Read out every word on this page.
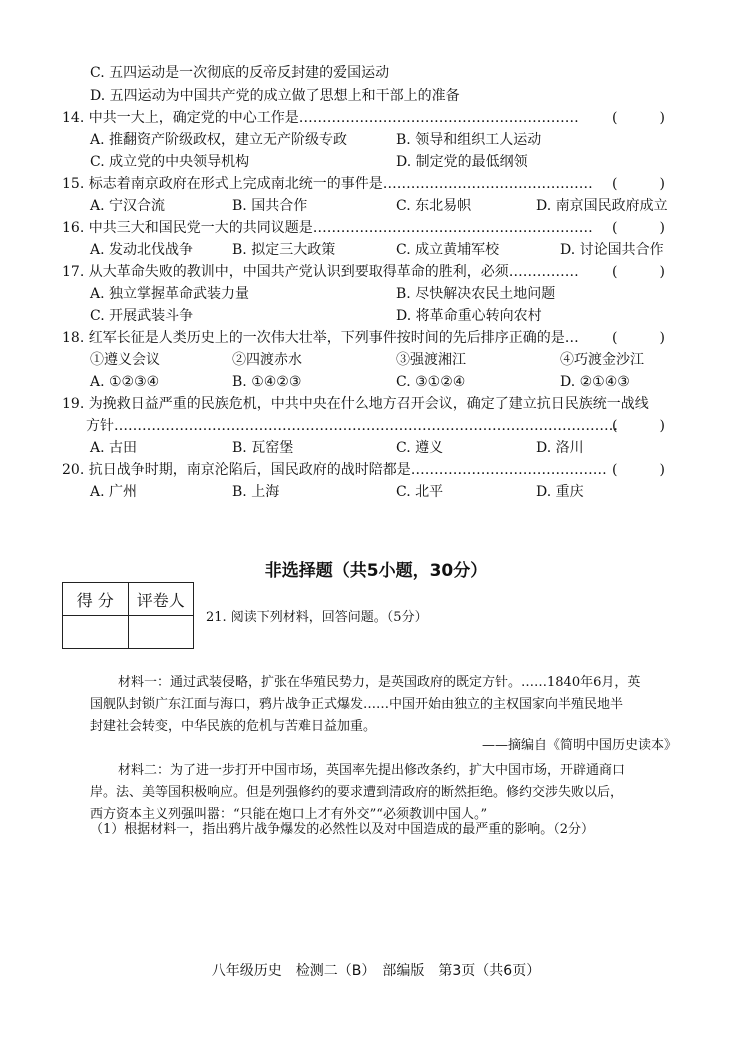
C. 五四运动是一次彻底的反帝反封建的爱国运动
D. 五四运动为中国共产党的成立做了思想上和干部上的准备
14. 中共一大上，确定党的中心工作是…………………………………………………… (　　　)
A. 推翻资产阶级政权，建立无产阶级专政	B. 领导和组织工人运动
C. 成立党的中央领导机构	D. 制定党的最低纲领
15. 标志着南京政府在形式上完成南北统一的事件是……………………………………… (　　　)
A. 宁汉合流	B. 国共合作	C. 东北易帜	D. 南京国民政府成立
16. 中共三大和国民党一大的共同议题是…………………………………………………… (　　　)
A. 发动北伐战争	B. 拟定三大政策	C. 成立黄埔军校	D. 讨论国共合作
17. 从大革命失败的教训中，中国共产党认识到要取得革命的胜利，必须…………… (　　　)
A. 独立掌握革命武装力量	B. 尽快解决农民土地问题
C. 开展武装斗争	D. 将革命重心转向农村
18. 红军长征是人类历史上的一次伟大壮举，下列事件按时间的先后排序正确的是… (　　　)
①遵义会议	②四渡赤水	③强渡湘江	④巧渡金沙江
A. ①②③④	B. ①④②③	C. ③①②④	D. ②①④③
19. 为挽救日益严重的民族危机，中共中央在什么地方召开会议，确定了建立抗日民族统一战线
方针………………………………………………………………………………………………
(　　　)
A. 古田	B. 瓦窑堡	C. 遵义	D. 洛川
20. 抗日战争时期，南京沦陷后，国民政府的战时陪都是…………………………………… (　　　)
A. 广州	B. 上海	C. 北平	D. 重庆
非选择题（共5小题，30分）
得 分	评卷人

21. 阅读下列材料，回答问题。（5分）
材料一：通过武装侵略，扩张在华殖民势力，是英国政府的既定方针。……1840年6月，英
国舰队封锁广东江面与海口，鸦片战争正式爆发……中国开始由独立的主权国家向半殖民地半
封建社会转变，中华民族的危机与苦难日益加重。
——摘编自《简明中国历史读本》
材料二：为了进一步打开中国市场，英国率先提出修改条约，扩大中国市场，开辟通商口
岸。法、美等国积极响应。但是列强修约的要求遭到清政府的断然拒绝。修约交涉失败以后，
西方资本主义列强叫嚣：“只能在炮口上才有外交”“必须教训中国人。”
（1）根据材料一，指出鸦片战争爆发的必然性以及对中国造成的最严重的影响。（2分）
八年级历史　检测二（B）　部编版　第3页（共6页）
